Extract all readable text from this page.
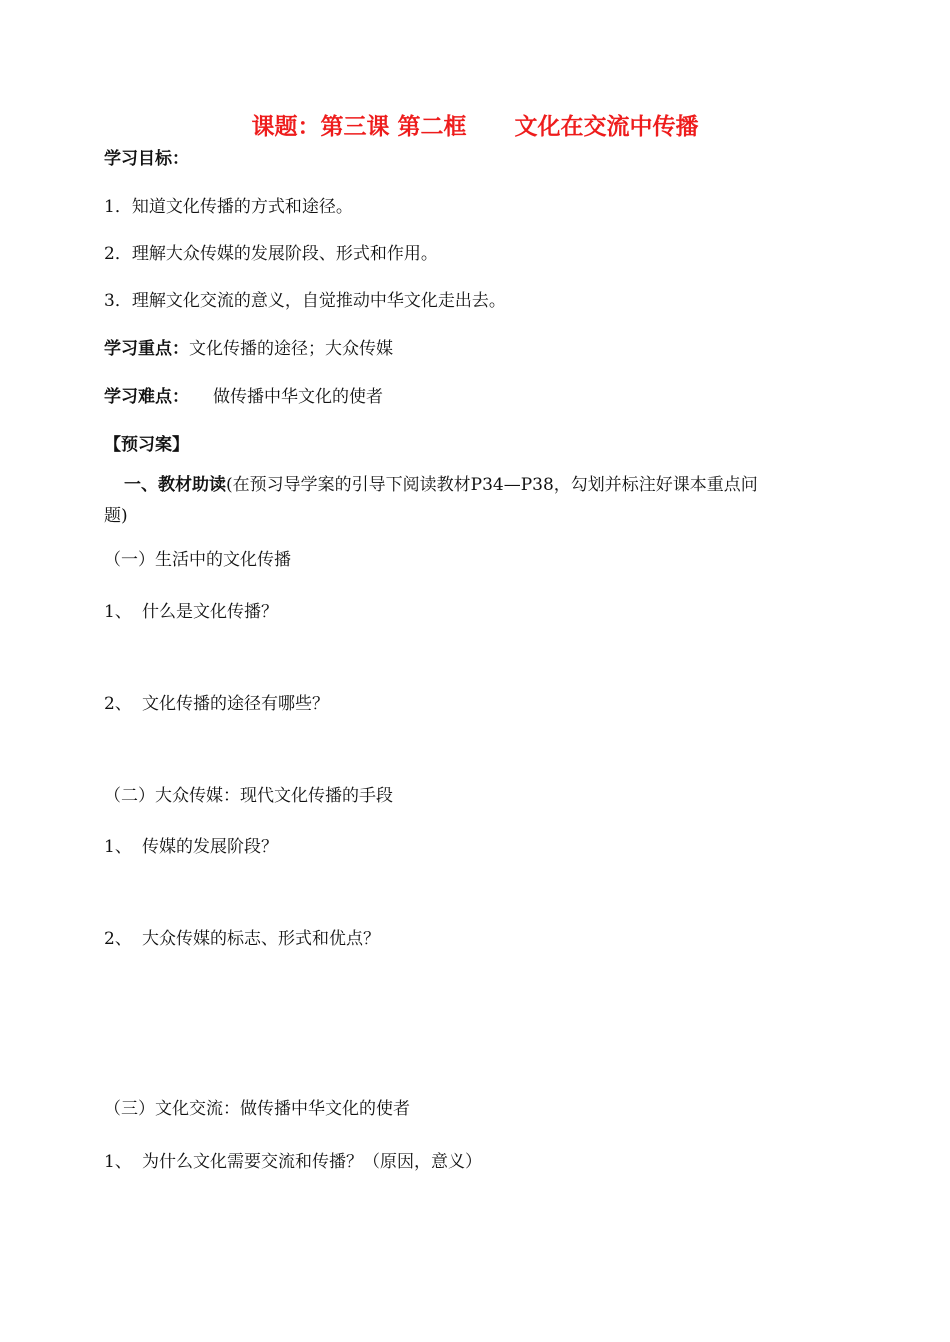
课题：第三课 第二框      文化在交流中传播
学习目标：
1．知道文化传播的方式和途径。
2．理解大众传媒的发展阶段、形式和作用。
3．理解文化交流的意义，自觉推动中华文化走出去。
学习重点：文化传播的途径；大众传媒
学习难点： 做传播中华文化的使者
【预习案】
一、教材助读(在预习导学案的引导下阅读教材P34—P38，勾划并标注好课本重点问
题)
（一）生活中的文化传播
1、 什么是文化传播？
2、 文化传播的途径有哪些？
（二）大众传媒：现代文化传播的手段
1、 传媒的发展阶段？
2、 大众传媒的标志、形式和优点？
（三）文化交流：做传播中华文化的使者
1、 为什么文化需要交流和传播？（原因，意义）
